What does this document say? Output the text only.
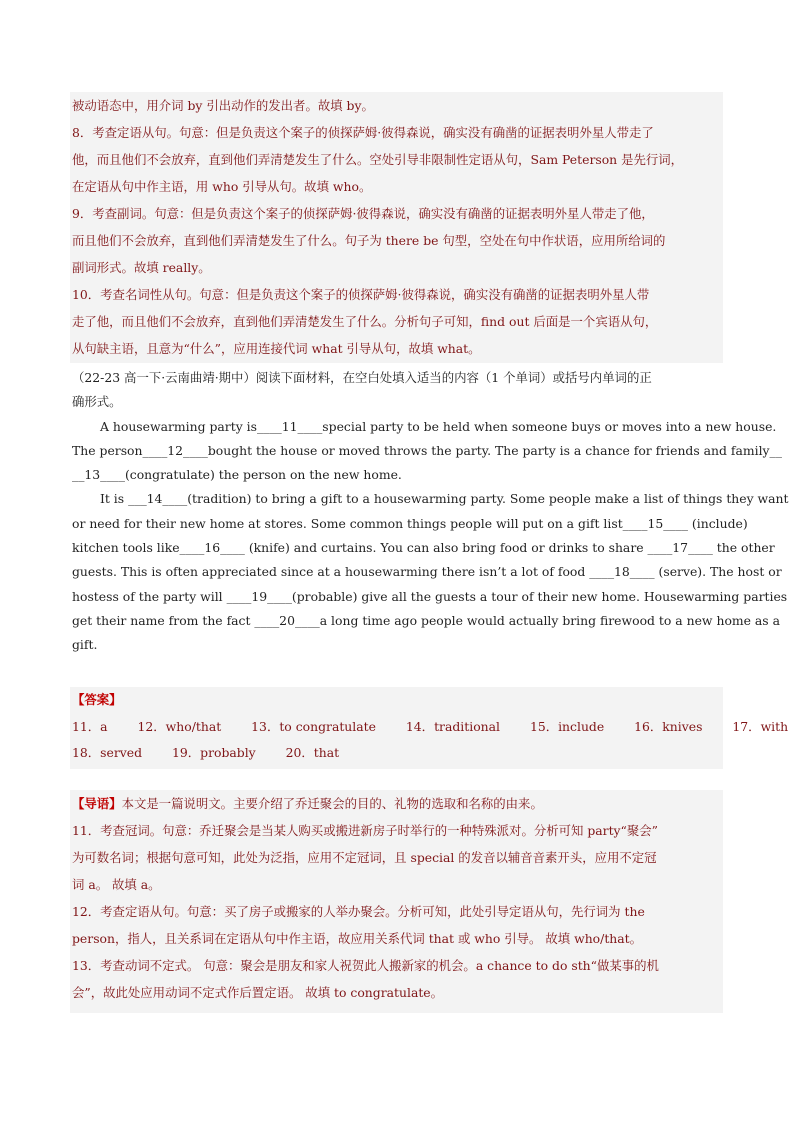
被动语态中，用介词 by 引出动作的发出者。故填 by。

8．考查定语从句。句意：但是负责这个案子的侦探萨姆·彼得森说，确实没有确凿的证据表明外星人带走了

他，而且他们不会放弃，直到他们弄清楚发生了什么。空处引导非限制性定语从句，Sam Peterson 是先行词，

在定语从句中作主语，用 who 引导从句。故填 who。

9．考查副词。句意：但是负责这个案子的侦探萨姆·彼得森说，确实没有确凿的证据表明外星人带走了他，

而且他们不会放弃，直到他们弄清楚发生了什么。句子为 there be 句型，空处在句中作状语，应用所给词的

副词形式。故填 really。

10．考查名词性从句。句意：但是负责这个案子的侦探萨姆·彼得森说，确实没有确凿的证据表明外星人带

走了他，而且他们不会放弃，直到他们弄清楚发生了什么。分析句子可知，find out 后面是一个宾语从句，

从句缺主语，且意为“什么”，应用连接代词 what 引导从句，故填 what。

（22-23 高一下·云南曲靖·期中）阅读下面材料，在空白处填入适当的内容（1 个单词）或括号内单词的正

确形式。

A housewarming party is____11____special party to be held when someone buys or moves into a new house.

The person____12____bought the house or moved throws the party. The party is a chance for friends and family__

__13____(congratulate) the person on the new home.

It is ___14____(tradition) to bring a gift to a housewarming party. Some people make a list of things they want

or need for their new home at stores. Some common things people will put on a gift list____15____ (include)

kitchen tools like____16____ (knife) and curtains. You can also bring food or drinks to share ____17____ the other

guests. This is often appreciated since at a housewarming there isn’t a lot of food ____18____ (serve). The host or

hostess of the party will ____19____(probable) give all the guests a tour of their new home. Housewarming parties

get their name from the fact ____20____a long time ago people would actually bring firewood to a new home as a

gift.

【答案】

11．a 12．who/that 13．to congratulate 14．traditional 15．include 16．knives 17．with

18．served 19．probably 20．that

【导语】本文是一篇说明文。主要介绍了乔迁聚会的目的、礼物的选取和名称的由来。

11．考查冠词。句意：乔迁聚会是当某人购买或搬进新房子时举行的一种特殊派对。分析可知 party“聚会”

为可数名词；根据句意可知，此处为泛指，应用不定冠词，且 special 的发音以辅音音素开头，应用不定冠

词 a。 故填 a。

12．考查定语从句。句意：买了房子或搬家的人举办聚会。分析可知，此处引导定语从句，先行词为 the

person，指人，且关系词在定语从句中作主语，故应用关系代词 that 或 who 引导。 故填 who/that。

13．考查动词不定式。 句意：聚会是朋友和家人祝贺此人搬新家的机会。a chance to do sth“做某事的机

会”，故此处应用动词不定式作后置定语。 故填 to congratulate。
